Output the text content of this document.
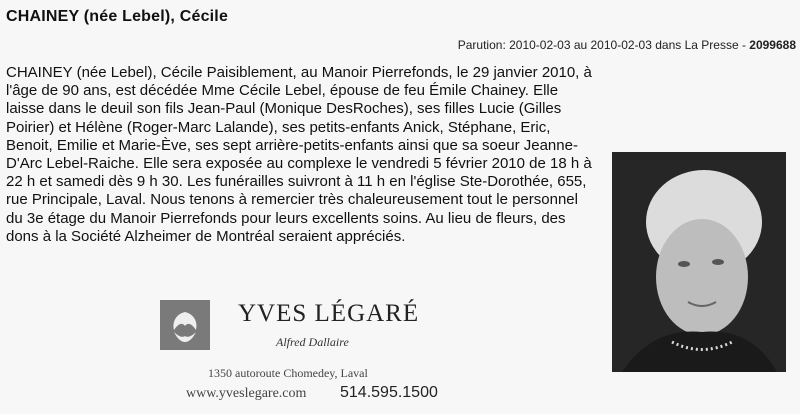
CHAINEY (née Lebel), Cécile
Parution: 2010-02-03 au 2010-02-03 dans La Presse - 2099688
CHAINEY (née Lebel), Cécile Paisiblement, au Manoir Pierrefonds, le 29 janvier 2010, à l'âge de 90 ans, est décédée Mme Cécile Lebel, épouse de feu Émile Chainey. Elle laisse dans le deuil son fils Jean-Paul (Monique DesRoches), ses filles Lucie (Gilles Poirier) et Hélène (Roger-Marc Lalande), ses petits-enfants Anick, Stéphane, Eric, Benoit, Emilie et Marie-Ève, ses sept arrière-petits-enfants ainsi que sa soeur Jeanne-D'Arc Lebel-Raiche. Elle sera exposée au complexe le vendredi 5 février 2010 de 18 h à 22 h et samedi dès 9 h 30. Les funérailles suivront à 11 h en l'église Ste-Dorothée, 655, rue Principale, Laval. Nous tenons à remercier très chaleureusement tout le personnel du 3e étage du Manoir Pierrefonds pour leurs excellents soins. Au lieu de fleurs, des dons à la Société Alzheimer de Montréal seraient appréciés.
YVES LÉGARÉ
Alfred Dallaire
1350 autoroute Chomedey, Laval
www.yveslegare.com 514.595.1500
